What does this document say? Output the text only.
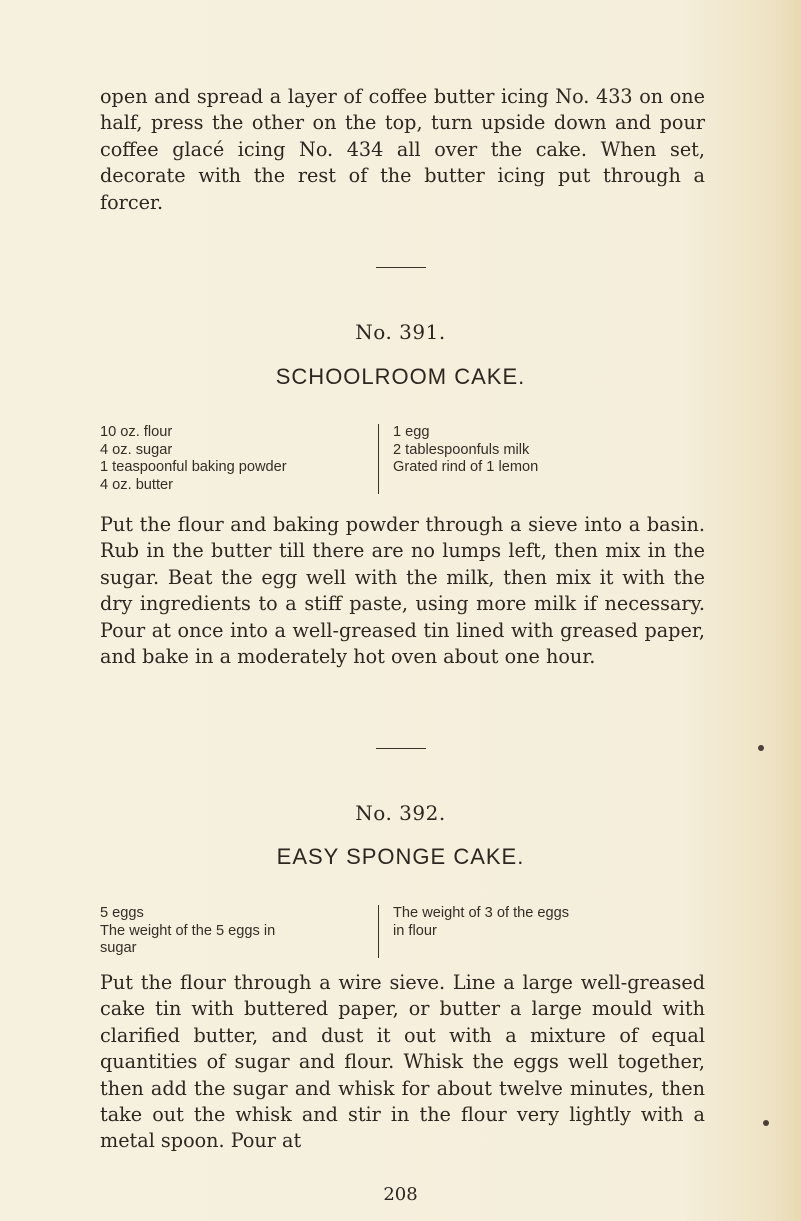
open and spread a layer of coffee butter icing No. 433 on one half, press the other on the top, turn upside down and pour coffee glacé icing No. 434 all over the cake. When set, decorate with the rest of the butter icing put through a forcer.

No. 391.
SCHOOLROOM CAKE.
10 oz. flour
4 oz. sugar
1 teaspoonful baking powder
4 oz. butter
1 egg
2 tablespoonfuls milk
Grated rind of 1 lemon

Put the flour and baking powder through a sieve into a basin. Rub in the butter till there are no lumps left, then mix in the sugar. Beat the egg well with the milk, then mix it with the dry ingredients to a stiff paste, using more milk if necessary. Pour at once into a well-greased tin lined with greased paper, and bake in a moderately hot oven about one hour.

No. 392.
EASY SPONGE CAKE.
5 eggs
The weight of the 5 eggs in
sugar
The weight of 3 of the eggs
in flour

Put the flour through a wire sieve. Line a large well-greased cake tin with buttered paper, or butter a large mould with clarified butter, and dust it out with a mixture of equal quantities of sugar and flour. Whisk the eggs well together, then add the sugar and whisk for about twelve minutes, then take out the whisk and stir in the flour very lightly with a metal spoon. Pour at

208
